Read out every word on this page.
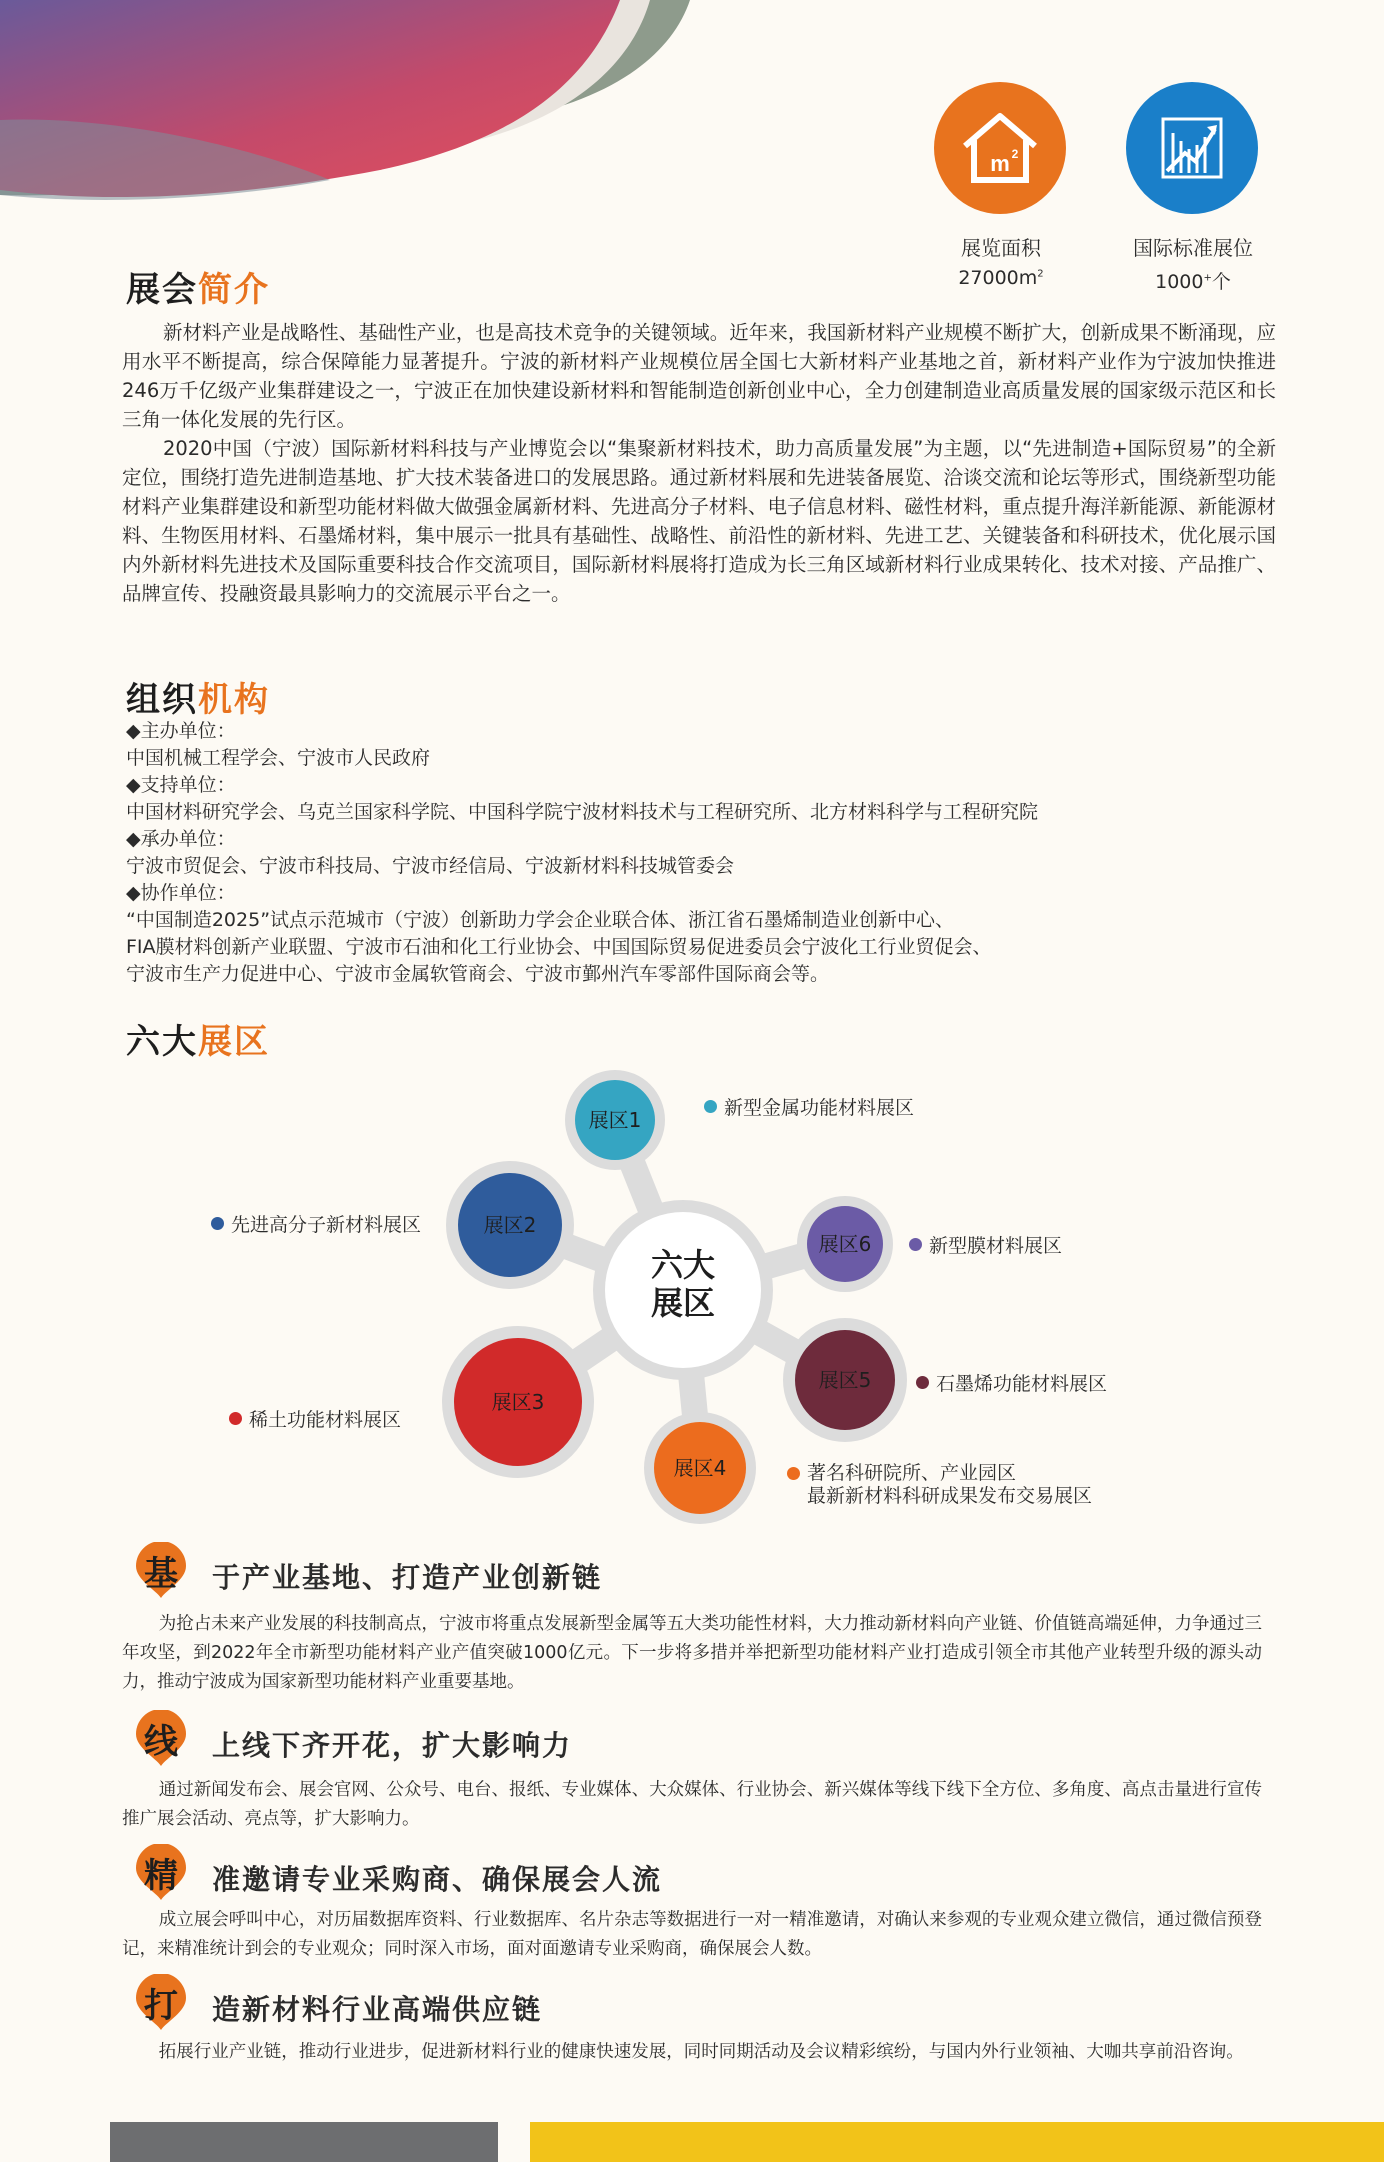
m 2
展览面积
$27000m^2$
国际标准展位
1000+个
展会简介

新材料产业是战略性、基础性产业，也是高技术竞争的关键领域。近年来，我国新材料产业规模不断扩大，创新成果不断涌现，应用水平不断提高，综合保障能力显著提升。宁波的新材料产业规模位居全国七大新材料产业基地之首，新材料产业作为宁波加快推进246万千亿级产业集群建设之一，宁波正在加快建设新材料和智能制造创新创业中心，全力创建制造业高质量发展的国家级示范区和长三角一体化发展的先行区。

2020中国（宁波）国际新材料科技与产业博览会以“集聚新材料技术，助力高质量发展”为主题，以“先进制造+国际贸易”的全新定位，围绕打造先进制造基地、扩大技术装备进口的发展思路。通过新材料展和先进装备展览、洽谈交流和论坛等形式，围绕新型功能材料产业集群建设和新型功能材料做大做强金属新材料、先进高分子材料、电子信息材料、磁性材料，重点提升海洋新能源、新能源材料、生物医用材料、石墨烯材料，集中展示一批具有基础性、战略性、前沿性的新材料、先进工艺、关键装备和科研技术，优化展示国内外新材料先进技术及国际重要科技合作交流项目，国际新材料展将打造成为长三角区域新材料行业成果转化、技术对接、产品推广、品牌宣传、投融资最具影响力的交流展示平台之一。

组织机构
◆主办单位：
中国机械工程学会、宁波市人民政府
◆支持单位：
中国材料研究学会、乌克兰国家科学院、中国科学院宁波材料技术与工程研究所、北方材料科学与工程研究院
◆承办单位：
宁波市贸促会、宁波市科技局、宁波市经信局、宁波新材料科技城管委会
◆协作单位：
“中国制造2025”试点示范城市（宁波）创新助力学会企业联合体、浙江省石墨烯制造业创新中心、
FIA膜材料创新产业联盟、宁波市石油和化工行业协会、中国国际贸易促进委员会宁波化工行业贸促会、
宁波市生产力促进中心、宁波市金属软管商会、宁波市鄞州汽车零部件国际商会等。
六大展区
展区1
展区2
展区3
展区4
展区5
展区6
六大
展区
新型金属功能材料展区
先进高分子新材料展区
稀土功能材料展区
著名科研院所、产业园区
最新新材料科研成果发布交易展区
石墨烯功能材料展区
新型膜材料展区
基	于产业基地、打造产业创新链

为抢占未来产业发展的科技制高点，宁波市将重点发展新型金属等五大类功能性材料，大力推动新材料向产业链、价值链高端延伸，力争通过三年攻坚，到2022年全市新型功能材料产业产值突破1000亿元。下一步将多措并举把新型功能材料产业打造成引领全市其他产业转型升级的源头动力，推动宁波成为国家新型功能材料产业重要基地。

线	上线下齐开花，扩大影响力

通过新闻发布会、展会官网、公众号、电台、报纸、专业媒体、大众媒体、行业协会、新兴媒体等线下线下全方位、多角度、高点击量进行宣传推广展会活动、亮点等，扩大影响力。

精	准邀请专业采购商、确保展会人流

成立展会呼叫中心，对历届数据库资料、行业数据库、名片杂志等数据进行一对一精准邀请，对确认来参观的专业观众建立微信，通过微信预登记，来精准统计到会的专业观众；同时深入市场，面对面邀请专业采购商，确保展会人数。

打	造新材料行业高端供应链

拓展行业产业链，推动行业进步，促进新材料行业的健康快速发展，同时同期活动及会议精彩缤纷，与国内外行业领袖、大咖共享前沿咨询。
